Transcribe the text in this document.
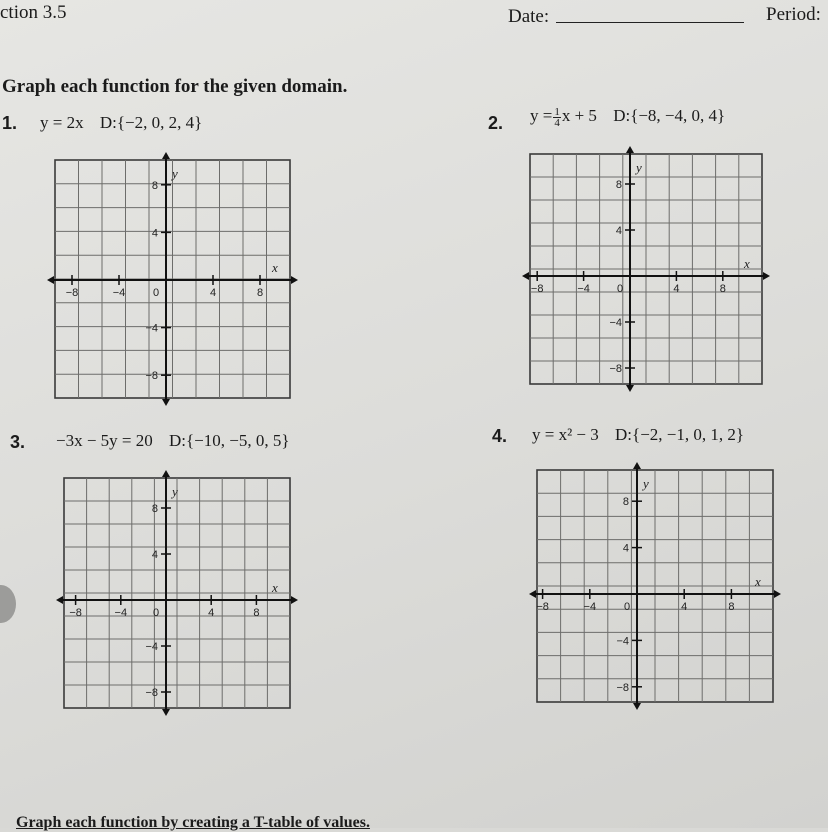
ction 3.5	Date:	Period:
Graph each function for the given domain.
1. y = 2x D:{−2, 0, 2, 4}	2. $y = \frac{1}{4}$ x + 5 D:{−8, −4, 0, 4}
3. −3x − 5y = 20 D:{−10, −5, 0, 5}	4. y = x² − 3 D:{−2, −1, 0, 1, 2}
−8	−4	0	4	8
8
4
−4
−8
x
y
−8	−4 0	4	8
8
4
−4
−8
x
y
−8	−4 0	4	8
8
4
−4
−8
x
y
−8	−4	0	4	8
8
4
−4
−8
x
y
Graph each function by creating a T-table of values.
